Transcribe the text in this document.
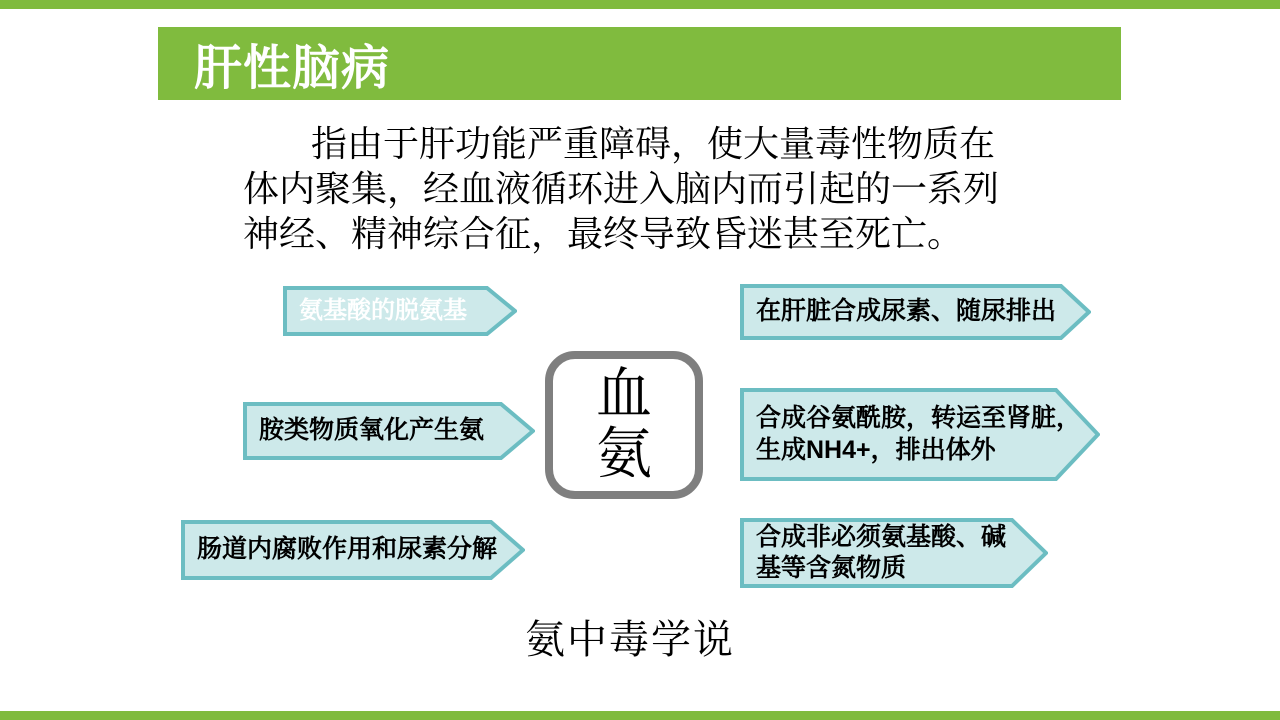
肝性脑病
指由于肝功能严重障碍，使大量毒性物质在
体内聚集，经血液循环进入脑内而引起的一系列
神经、精神综合征，最终导致昏迷甚至死亡。
氨基酸的脱氨基
胺类物质氧化产生氨
肠道内腐败作用和尿素分解
血
氨
在肝脏合成尿素、随尿排出
合成谷氨酰胺，转运至肾脏，
生成NH4+，排出体外
合成非必须氨基酸、碱
基等含氮物质
氨中毒学说
